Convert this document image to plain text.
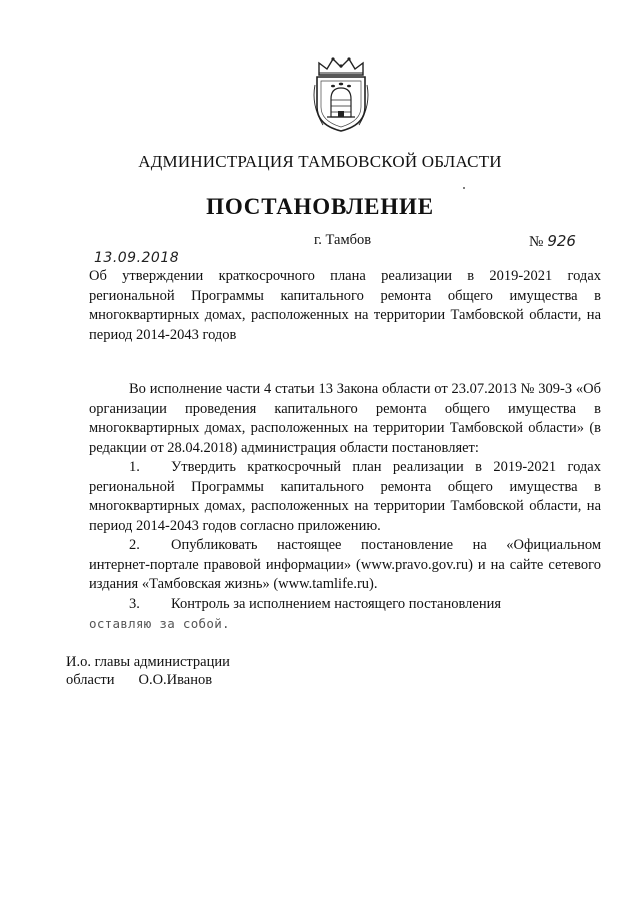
АДМИНИСТРАЦИЯ ТАМБОВСКОЙ ОБЛАСТИ
ПОСТАНОВЛЕНИЕ
13.09.2018
г. Тамбов	№ 926

Об утверждении краткосрочного плана реализации в 2019-2021 годах региональной Программы капитального ремонта общего имущества в многоквартирных домах, расположенных на территории Тамбовской области, на период 2014-2043 годов

Во исполнение части 4 статьи 13 Закона области от 23.07.2013 № 309-З «Об организации проведения капитального ремонта общего имущества в многоквартирных домах, расположенных на территории Тамбовской области» (в редакции от 28.04.2018) администрация области постановляет:

1. Утвердить краткосрочный план реализации в 2019-2021 годах региональной Программы капитального ремонта общего имущества в многоквартирных домах, расположенных на территории Тамбовской области, на период 2014-2043 годов согласно приложению.

2. Опубликовать настоящее постановление на «Официальном интернет-портале правовой информации» (www.pravo.gov.ru) и на сайте сетевого издания «Тамбовская жизнь» (www.tamlife.ru).

3. Контроль за исполнением настоящего постановления

оставляю за собой.

И.о. главы администрации
области О.О.Иванов
